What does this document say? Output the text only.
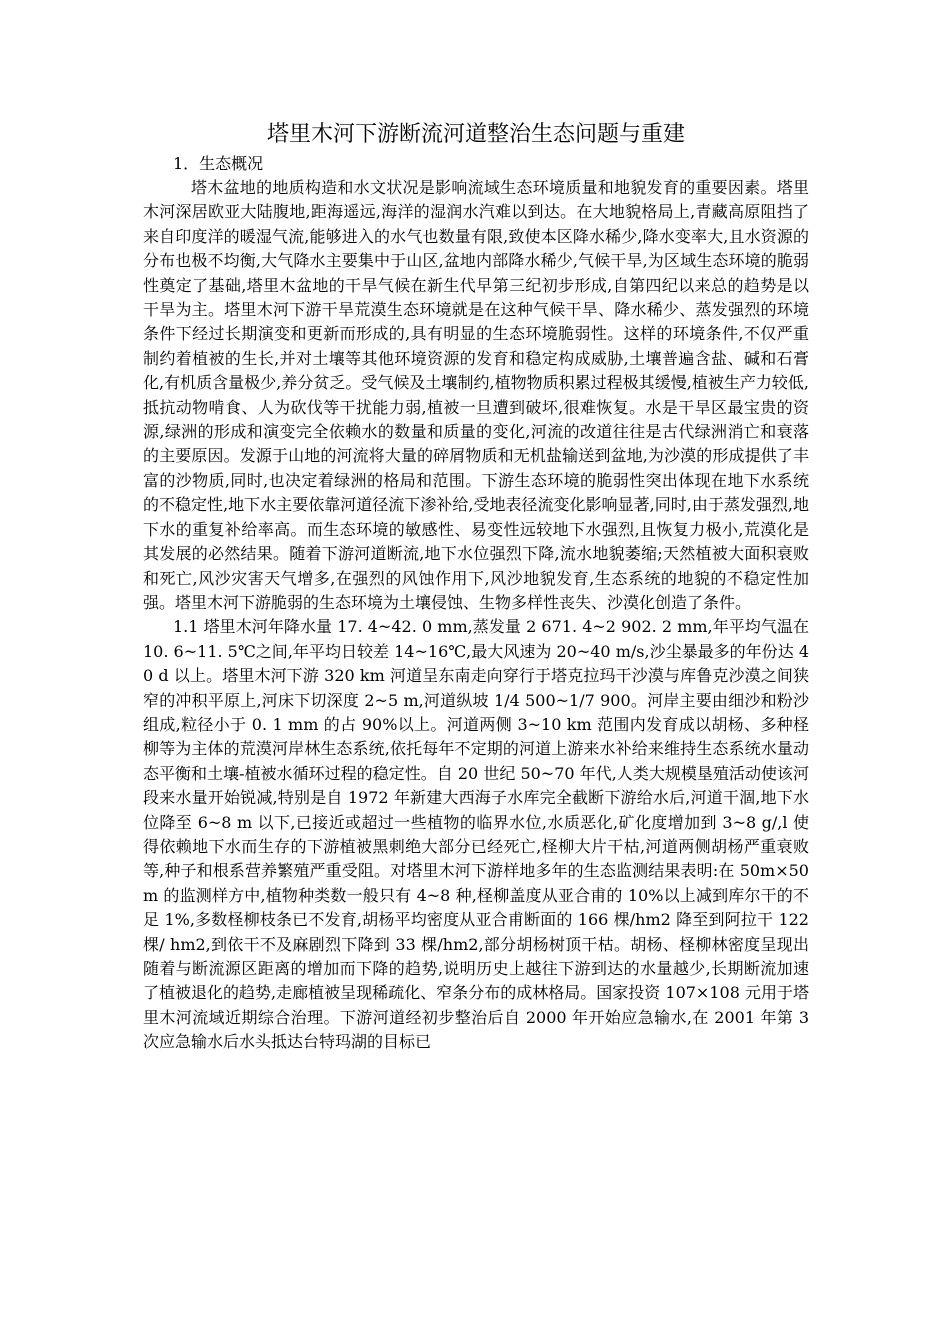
塔里木河下游断流河道整治生态问题与重建

1．生态概况

塔木盆地的地质构造和水文状况是影响流域生态环境质量和地貌发育的重要因素。塔里木河深居欧亚大陆腹地,距海遥远,海洋的湿润水汽难以到达。在大地貌格局上,青藏高原阻挡了来自印度洋的暖湿气流,能够进入的水气也数量有限,致使本区降水稀少,降水变率大,且水资源的分布也极不均衡,大气降水主要集中于山区,盆地内部降水稀少,气候干旱,为区域生态环境的脆弱性奠定了基础,塔里木盆地的干旱气候在新生代早第三纪初步形成,自第四纪以来总的趋势是以干旱为主。塔里木河下游干旱荒漠生态环境就是在这种气候干旱、降水稀少、蒸发强烈的环境条件下经过长期演变和更新而形成的,具有明显的生态环境脆弱性。这样的环境条件,不仅严重制约着植被的生长,并对土壤等其他环境资源的发育和稳定构成威胁,土壤普遍含盐、碱和石膏化,有机质含量极少,养分贫乏。受气候及土壤制约,植物物质积累过程极其缓慢,植被生产力较低,抵抗动物啃食、人为砍伐等干扰能力弱,植被一旦遭到破坏,很难恢复。水是干旱区最宝贵的资源,绿洲的形成和演变完全依赖水的数量和质量的变化,河流的改道往往是古代绿洲消亡和衰落的主要原因。发源于山地的河流将大量的碎屑物质和无机盐输送到盆地,为沙漠的形成提供了丰富的沙物质,同时,也决定着绿洲的格局和范围。下游生态环境的脆弱性突出体现在地下水系统的不稳定性,地下水主要依靠河道径流下渗补给,受地表径流变化影响显著,同时,由于蒸发强烈,地下水的重复补给率高。而生态环境的敏感性、易变性远较地下水强烈,且恢复力极小,荒漠化是其发展的必然结果。随着下游河道断流,地下水位强烈下降,流水地貌萎缩;天然植被大面积衰败和死亡,风沙灾害天气增多,在强烈的风蚀作用下,风沙地貌发育,生态系统的地貌的不稳定性加强。塔里木河下游脆弱的生态环境为土壤侵蚀、生物多样性丧失、沙漠化创造了条件。

1.1 塔里木河年降水量 17. 4~42. 0 mm,蒸发量 2 671. 4~2 902. 2 mm,年平均气温在 10. 6~11. 5℃之间,年平均日较差 14~16℃,最大风速为 20~40 m/s,沙尘暴最多的年份达 40 d 以上。塔里木河下游 320 km 河道呈东南走向穿行于塔克拉玛干沙漠与库鲁克沙漠之间狭窄的冲积平原上,河床下切深度 2~5 m,河道纵坡 1/4 500~1/7 900。河岸主要由细沙和粉沙组成,粒径小于 0. 1 mm 的占 90%以上。河道两侧 3~10 km 范围内发育成以胡杨、多种柽柳等为主体的荒漠河岸林生态系统,依托每年不定期的河道上游来水补给来维持生态系统水量动态平衡和土壤-植被水循环过程的稳定性。自 20 世纪 50~70 年代,人类大规模垦殖活动使该河段来水量开始锐减,特别是自 1972 年新建大西海子水库完全截断下游给水后,河道干涸,地下水位降至 6~8 m 以下,已接近或超过一些植物的临界水位,水质恶化,矿化度增加到 3~8 g/,l 使得依赖地下水而生存的下游植被黑刺绝大部分已经死亡,柽柳大片干枯,河道两侧胡杨严重衰败等,种子和根系营养繁殖严重受阻。对塔里木河下游样地多年的生态监测结果表明:在 50m×50m 的监测样方中,植物种类数一般只有 4~8 种,柽柳盖度从亚合甫的 10%以上减到库尔干的不足 1%,多数柽柳枝条已不发育,胡杨平均密度从亚合甫断面的 166 棵/hm2 降至到阿拉干 122 棵/ hm2,到依干不及麻剧烈下降到 33 棵/hm2,部分胡杨树顶干枯。胡杨、柽柳林密度呈现出随着与断流源区距离的增加而下降的趋势,说明历史上越往下游到达的水量越少,长期断流加速了植被退化的趋势,走廊植被呈现稀疏化、窄条分布的成林格局。国家投资 107×108 元用于塔里木河流域近期综合治理。下游河道经初步整治后自 2000 年开始应急输水,在 2001 年第 3 次应急输水后水头抵达台特玛湖的目标已
